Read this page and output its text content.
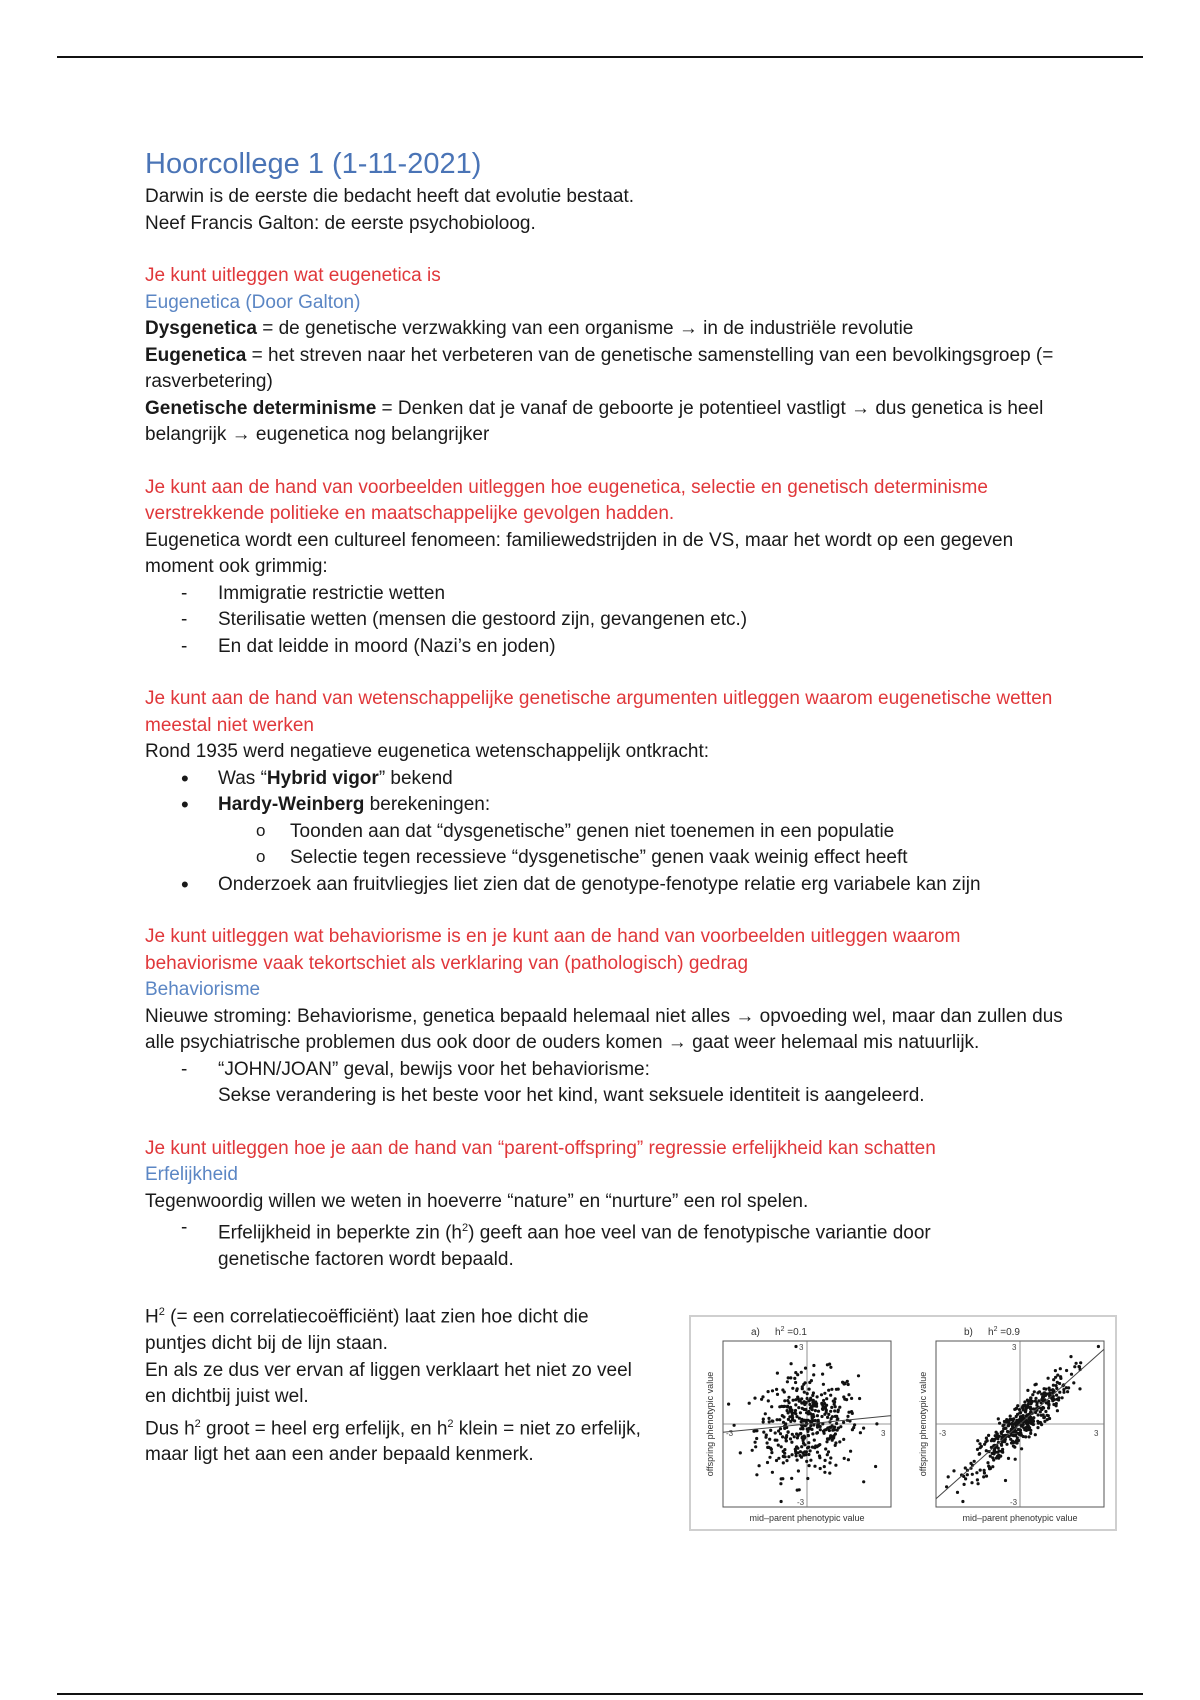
Hoorcollege 1 (1-11-2021)

Darwin is de eerste die bedacht heeft dat evolutie bestaat.

Neef Francis Galton: de eerste psychobioloog.

Je kunt uitleggen wat eugenetica is

Eugenetica (Door Galton)

Dysgenetica = de genetische verzwakking van een organisme → in de industriële revolutie

Eugenetica = het streven naar het verbeteren van de genetische samenstelling van een bevolkingsgroep (= rasverbetering)

Genetische determinisme = Denken dat je vanaf de geboorte je potentieel vastligt → dus genetica is heel belangrijk → eugenetica nog belangrijker

Je kunt aan de hand van voorbeelden uitleggen hoe eugenetica, selectie en genetisch determinisme verstrekkende politieke en maatschappelijke gevolgen hadden.

Eugenetica wordt een cultureel fenomeen: familiewedstrijden in de VS, maar het wordt op een gegeven moment ook grimmig:

- Immigratie restrictie wetten
- Sterilisatie wetten (mensen die gestoord zijn, gevangenen etc.)
- En dat leidde in moord (Nazi’s en joden)

Je kunt aan de hand van wetenschappelijke genetische argumenten uitleggen waarom eugenetische wetten meestal niet werken

Rond 1935 werd negatieve eugenetica wetenschappelijk ontkracht:

• Was “Hybrid vigor” bekend
• Hardy-Weinberg berekeningen:
o Toonden aan dat “dysgenetische” genen niet toenemen in een populatie
o Selectie tegen recessieve “dysgenetische” genen vaak weinig effect heeft
• Onderzoek aan fruitvliegjes liet zien dat de genotype-fenotype relatie erg variabele kan zijn

Je kunt uitleggen wat behaviorisme is en je kunt aan de hand van voorbeelden uitleggen waarom behaviorisme vaak tekortschiet als verklaring van (pathologisch) gedrag

Behaviorisme

Nieuwe stroming: Behaviorisme, genetica bepaald helemaal niet alles → opvoeding wel, maar dan zullen dus alle psychiatrische problemen dus ook door de ouders komen → gaat weer helemaal mis natuurlijk.

- “JOHN/JOAN” geval, bewijs voor het behaviorisme:
Sekse verandering is het beste voor het kind, want seksuele identiteit is aangeleerd.

Je kunt uitleggen hoe je aan de hand van “parent-offspring” regressie erfelijkheid kan schatten

Erfelijkheid

Tegenwoordig willen we weten in hoeverre “nature” en “nurture” een rol spelen.

- Erfelijkheid in beperkte zin $(h^2)$ geeft aan hoe veel van de fenotypische variantie door genetische factoren wordt bepaald.

$H^2$ (= een correlatiecoëfficiënt) laat zien hoe dicht die puntjes dicht bij de lijn staan.

En als ze dus ver ervan af liggen verklaart het niet zo veel en dichtbij juist wel.

Dus $h^2$ groot = heel erg erfelijk, en $h^2$ klein = niet zo erfelijk, maar ligt het aan een ander bepaald kenmerk.

-3	3
3
-3
a) $h^2 =0.1$
mid–parent phenotypic value
offspring phenotypic value	-3	3
3
-3
b) $h^2 =0.9$
mid–parent phenotypic value
offspring phenotypic value
